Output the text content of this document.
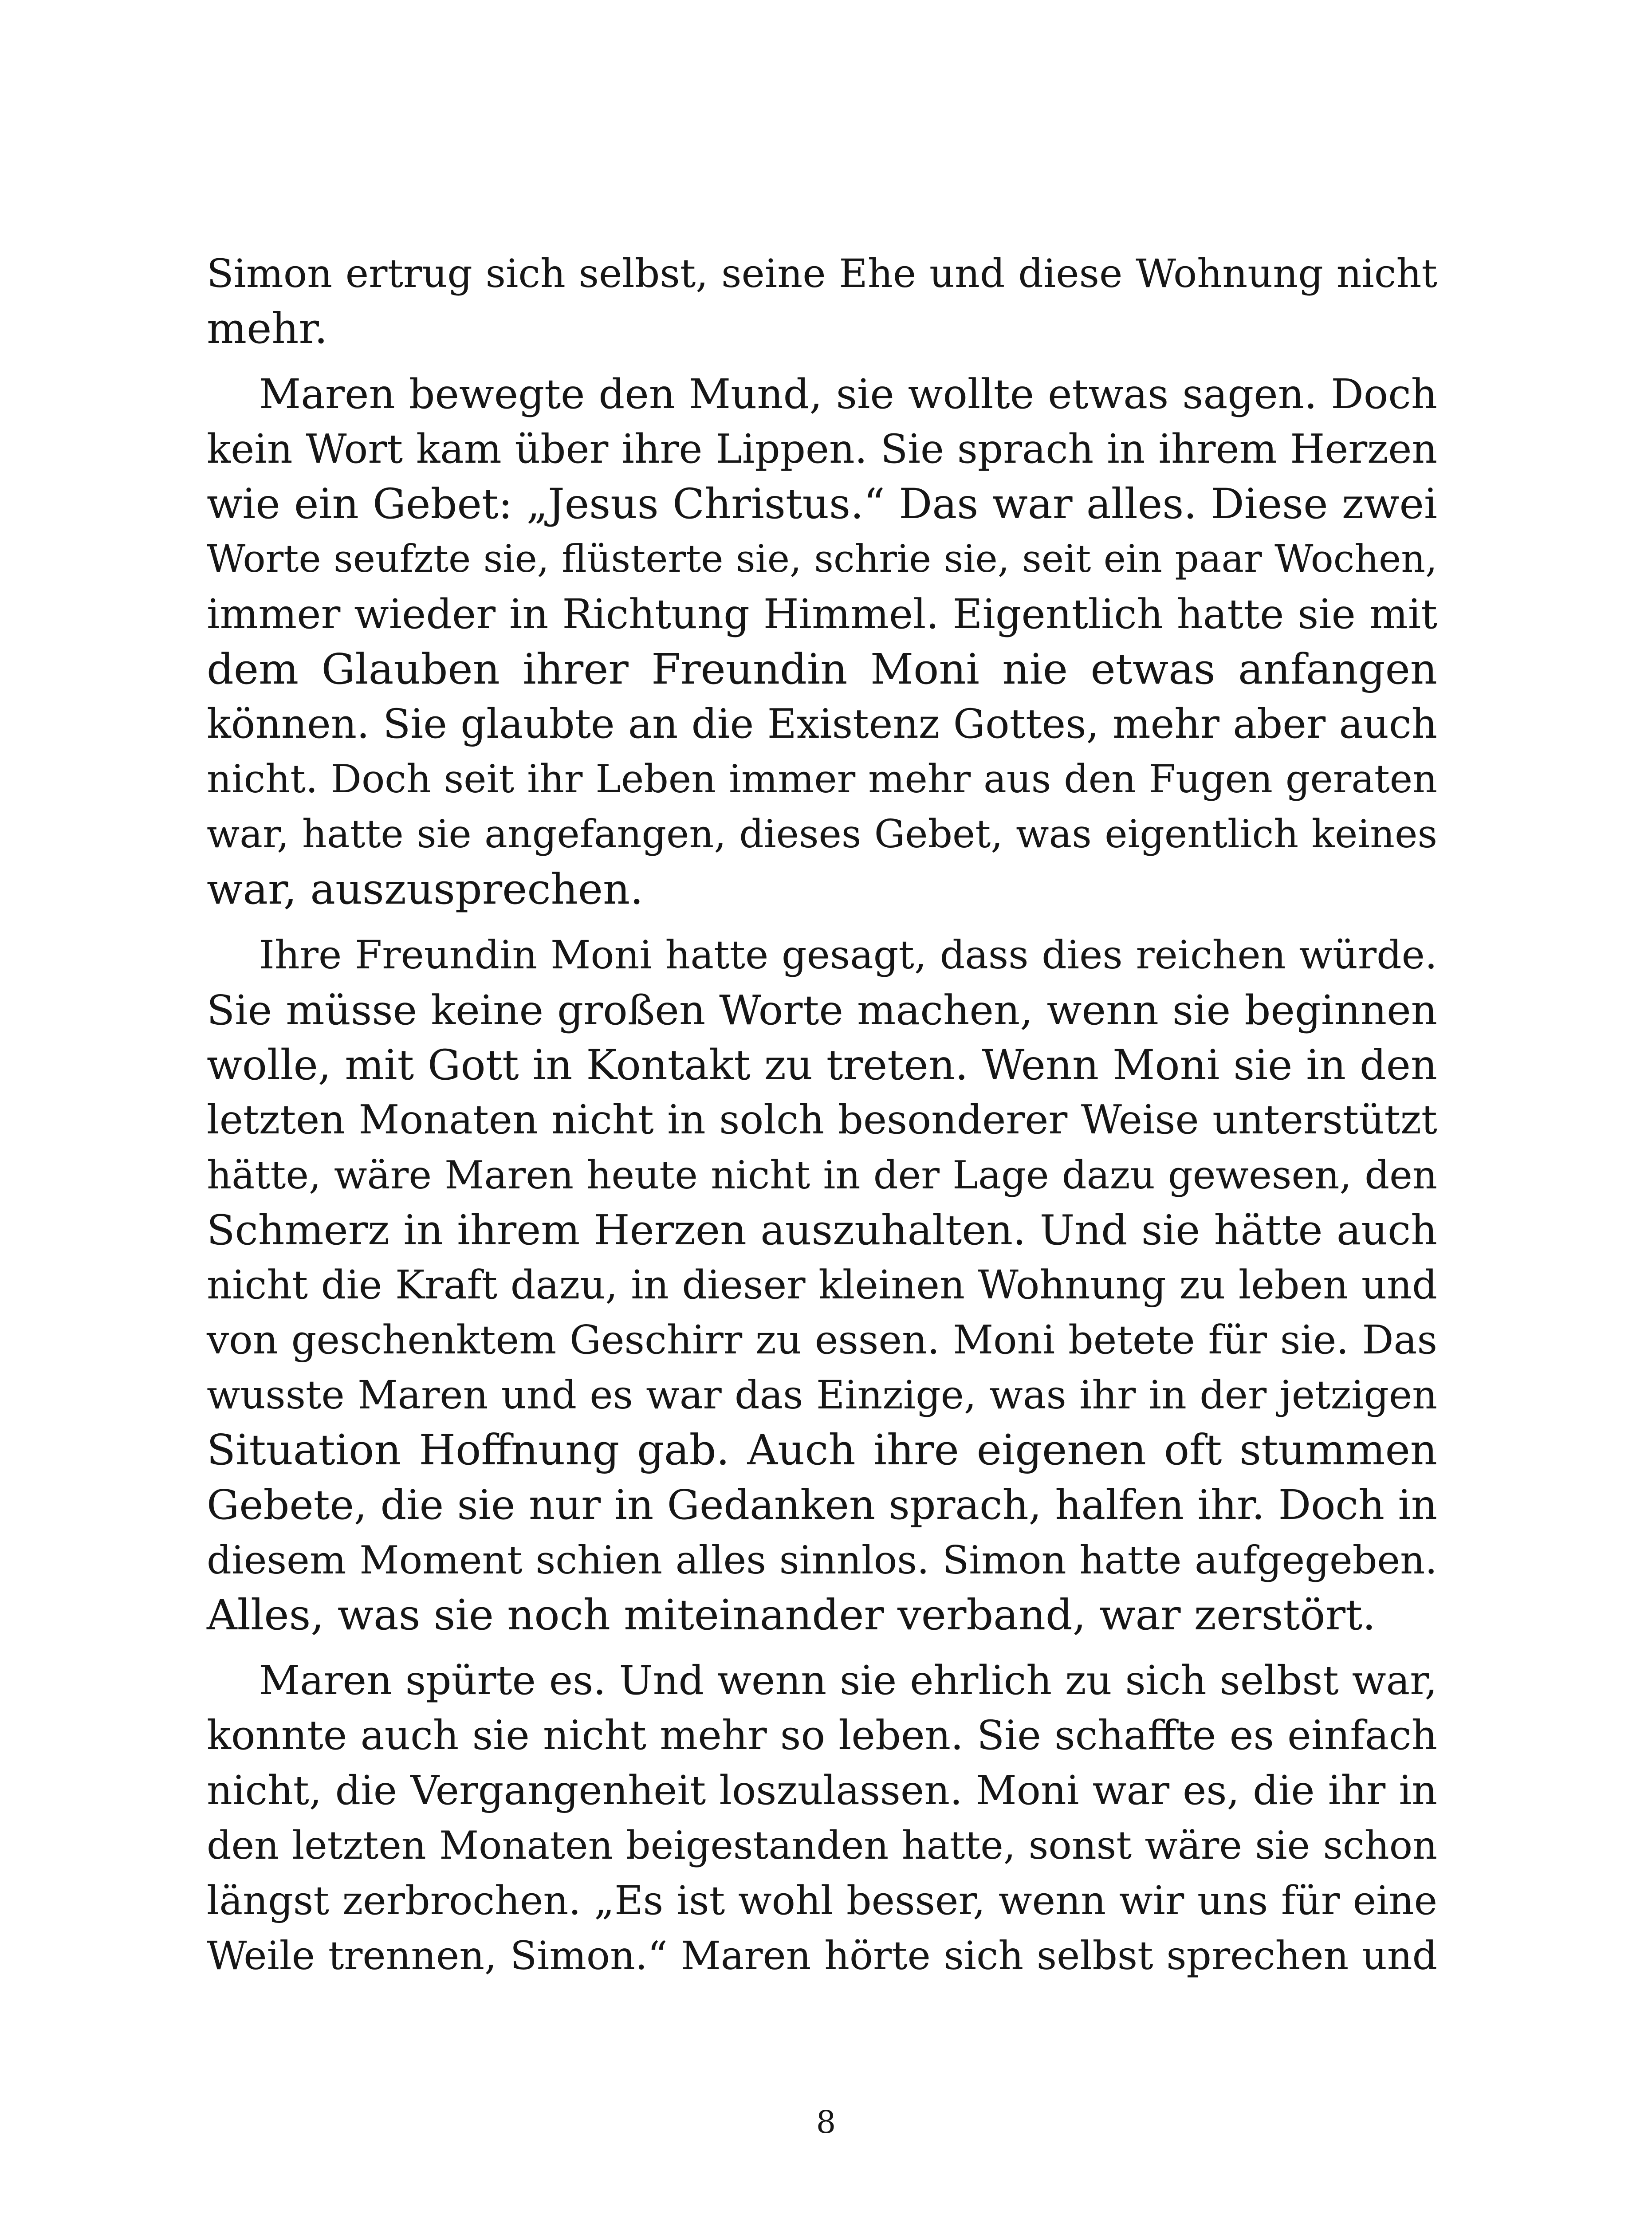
Simon ertrug sich selbst, seine Ehe und diese Wohnung nicht
mehr.
Maren bewegte den Mund, sie wollte etwas sagen. Doch
kein Wort kam über ihre Lippen. Sie sprach in ihrem Herzen
wie ein Gebet: „Jesus Christus.“ Das war alles. Diese zwei
Worte seufzte sie, flüsterte sie, schrie sie, seit ein paar Wochen,
immer wieder in Richtung Himmel. Eigentlich hatte sie mit
dem Glauben ihrer Freundin Moni nie etwas anfangen
können. Sie glaubte an die Existenz Gottes, mehr aber auch
nicht. Doch seit ihr Leben immer mehr aus den Fugen geraten
war, hatte sie angefangen, dieses Gebet, was eigentlich keines
war, auszusprechen.
Ihre Freundin Moni hatte gesagt, dass dies reichen würde.
Sie müsse keine großen Worte machen, wenn sie beginnen
wolle, mit Gott in Kontakt zu treten. Wenn Moni sie in den
letzten Monaten nicht in solch besonderer Weise unterstützt
hätte, wäre Maren heute nicht in der Lage dazu gewesen, den
Schmerz in ihrem Herzen auszuhalten. Und sie hätte auch
nicht die Kraft dazu, in dieser kleinen Wohnung zu leben und
von geschenktem Geschirr zu essen. Moni betete für sie. Das
wusste Maren und es war das Einzige, was ihr in der jetzigen
Situation Hoffnung gab. Auch ihre eigenen oft stummen
Gebete, die sie nur in Gedanken sprach, halfen ihr. Doch in
diesem Moment schien alles sinnlos. Simon hatte aufgegeben.
Alles, was sie noch miteinander verband, war zerstört.
Maren spürte es. Und wenn sie ehrlich zu sich selbst war,
konnte auch sie nicht mehr so leben. Sie schaffte es einfach
nicht, die Vergangenheit loszulassen. Moni war es, die ihr in
den letzten Monaten beigestanden hatte, sonst wäre sie schon
längst zerbrochen. „Es ist wohl besser, wenn wir uns für eine
Weile trennen, Simon.“ Maren hörte sich selbst sprechen und
8
